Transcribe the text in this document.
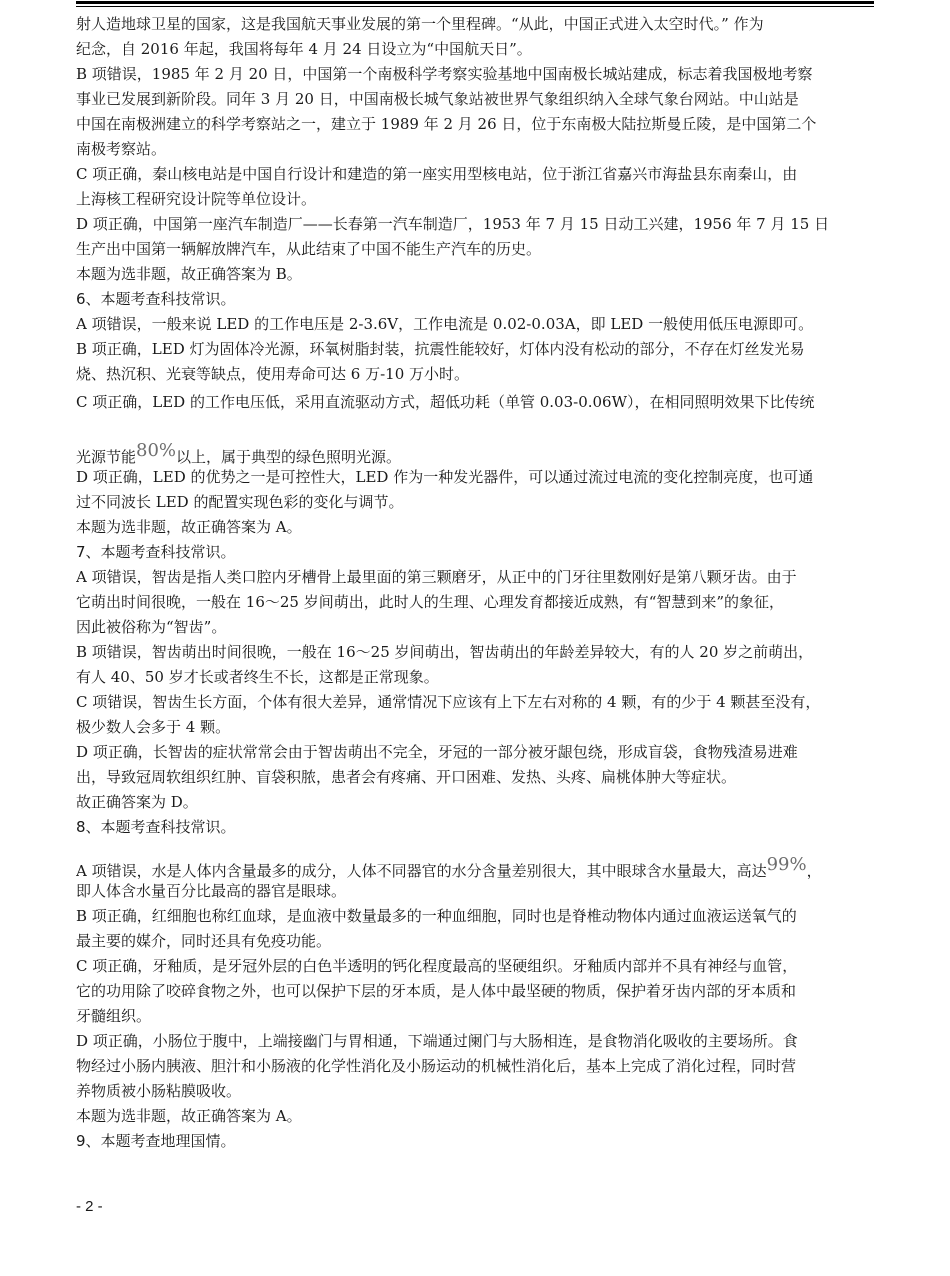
射人造地球卫星的国家，这是我国航天事业发展的第一个里程碑。“从此，中国正式进入太空时代。” 作为
纪念，自 2016 年起，我国将每年 4 月 24 日设立为“中国航天日”。
B 项错误，1985 年 2 月 20 日，中国第一个南极科学考察实验基地中国南极长城站建成，标志着我国极地考察
事业已发展到新阶段。同年 3 月 20 日，中国南极长城气象站被世界气象组织纳入全球气象台网站。中山站是
中国在南极洲建立的科学考察站之一，建立于 1989 年 2 月 26 日，位于东南极大陆拉斯曼丘陵，是中国第二个
南极考察站。
C 项正确，秦山核电站是中国自行设计和建造的第一座实用型核电站，位于浙江省嘉兴市海盐县东南秦山，由
上海核工程研究设计院等单位设计。
D 项正确，中国第一座汽车制造厂——长春第一汽车制造厂，1953 年 7 月 15 日动工兴建，1956 年 7 月 15 日
生产出中国第一辆解放牌汽车，从此结束了中国不能生产汽车的历史。
本题为选非题，故正确答案为 B。
6、本题考查科技常识。
A 项错误，一般来说 LED 的工作电压是 2-3.6V，工作电流是 0.02-0.03A，即 LED 一般使用低压电源即可。
B 项正确，LED 灯为固体冷光源，环氧树脂封装，抗震性能较好，灯体内没有松动的部分，不存在灯丝发光易
烧、热沉积、光衰等缺点，使用寿命可达 6 万-10 万小时。
C 项正确，LED 的工作电压低，采用直流驱动方式，超低功耗（单管 0.03-0.06W），在相同照明效果下比传统
光源节能80%以上，属于典型的绿色照明光源。
D 项正确，LED 的优势之一是可控性大，LED 作为一种发光器件，可以通过流过电流的变化控制亮度，也可通
过不同波长 LED 的配置实现色彩的变化与调节。
本题为选非题，故正确答案为 A。
7、本题考查科技常识。
A 项错误，智齿是指人类口腔内牙槽骨上最里面的第三颗磨牙，从正中的门牙往里数刚好是第八颗牙齿。由于
它萌出时间很晚，一般在 16～25 岁间萌出，此时人的生理、心理发育都接近成熟，有“智慧到来”的象征，
因此被俗称为“智齿”。
B 项错误，智齿萌出时间很晚，一般在 16～25 岁间萌出，智齿萌出的年龄差异较大，有的人 20 岁之前萌出，
有人 40、50 岁才长或者终生不长，这都是正常现象。
C 项错误，智齿生长方面，个体有很大差异，通常情况下应该有上下左右对称的 4 颗，有的少于 4 颗甚至没有，
极少数人会多于 4 颗。
D 项正确，长智齿的症状常常会由于智齿萌出不完全，牙冠的一部分被牙龈包绕，形成盲袋，食物残渣易进难
出，导致冠周软组织红肿、盲袋积脓，患者会有疼痛、开口困难、发热、头疼、扁桃体肿大等症状。
故正确答案为 D。
8、本题考查科技常识。
A 项错误，水是人体内含量最多的成分，人体不同器官的水分含量差别很大，其中眼球含水量最大，高达99%，
即人体含水量百分比最高的器官是眼球。
B 项正确，红细胞也称红血球，是血液中数量最多的一种血细胞，同时也是脊椎动物体内通过血液运送氧气的
最主要的媒介，同时还具有免疫功能。
C 项正确，牙釉质，是牙冠外层的白色半透明的钙化程度最高的坚硬组织。牙釉质内部并不具有神经与血管，
它的功用除了咬碎食物之外，也可以保护下层的牙本质，是人体中最坚硬的物质，保护着牙齿内部的牙本质和
牙髓组织。
D 项正确，小肠位于腹中，上端接幽门与胃相通，下端通过阑门与大肠相连，是食物消化吸收的主要场所。食
物经过小肠内胰液、胆汁和小肠液的化学性消化及小肠运动的机械性消化后，基本上完成了消化过程，同时营
养物质被小肠粘膜吸收。
本题为选非题，故正确答案为 A。
9、本题考查地理国情。
- 2 -
